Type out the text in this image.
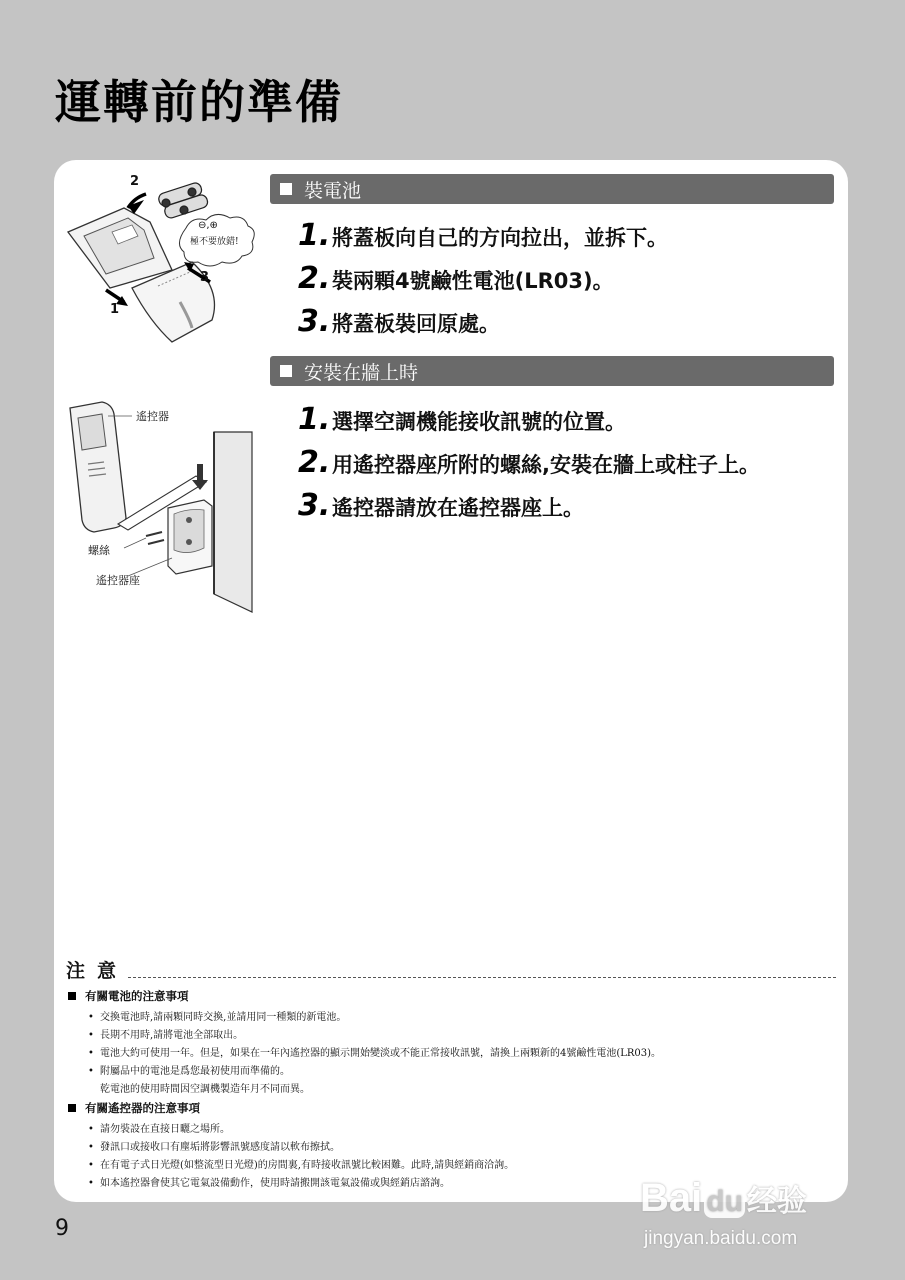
運轉前的準備
⊖,⊕
極不要放錯!
2
3
1
裝電池
1. 將蓋板向自己的方向拉出，並拆下。
2. 裝兩顆4號鹼性電池(LR03)。
3. 將蓋板裝回原處。
安裝在牆上時
1. 選擇空調機能接收訊號的位置。
2. 用遙控器座所附的螺絲,安裝在牆上或柱子上。
3. 遙控器請放在遙控器座上。
遙控器
螺絲
遙控器座
注意
有關電池的注意事項
• 交換電池時,請兩顆同時交換,並請用同一種類的新電池。
• 長期不用時,請將電池全部取出。
• 電池大約可使用一年。但是，如果在一年內遙控器的顯示開始變淡或不能正常接收訊號，請換上兩顆新的4號鹼性電池(LR03)。
• 附屬品中的電池是爲您最初使用而準備的。
乾電池的使用時間因空調機製造年月不同而異。
有關遙控器的注意事項
• 請勿裝設在直接日曬之場所。
• 發訊口或接收口有塵垢將影響訊號感度請以軟布擦拭。
• 在有電子式日光燈(如整流型日光燈)的房間裏,有時接收訊號比較困難。此時,請與經銷商洽詢。
• 如本遙控器會使其它電氣設備動作，使用時請搬開該電氣設備或與經銷店諮詢。
9
Bai du 经验
jingyan.baidu.com
